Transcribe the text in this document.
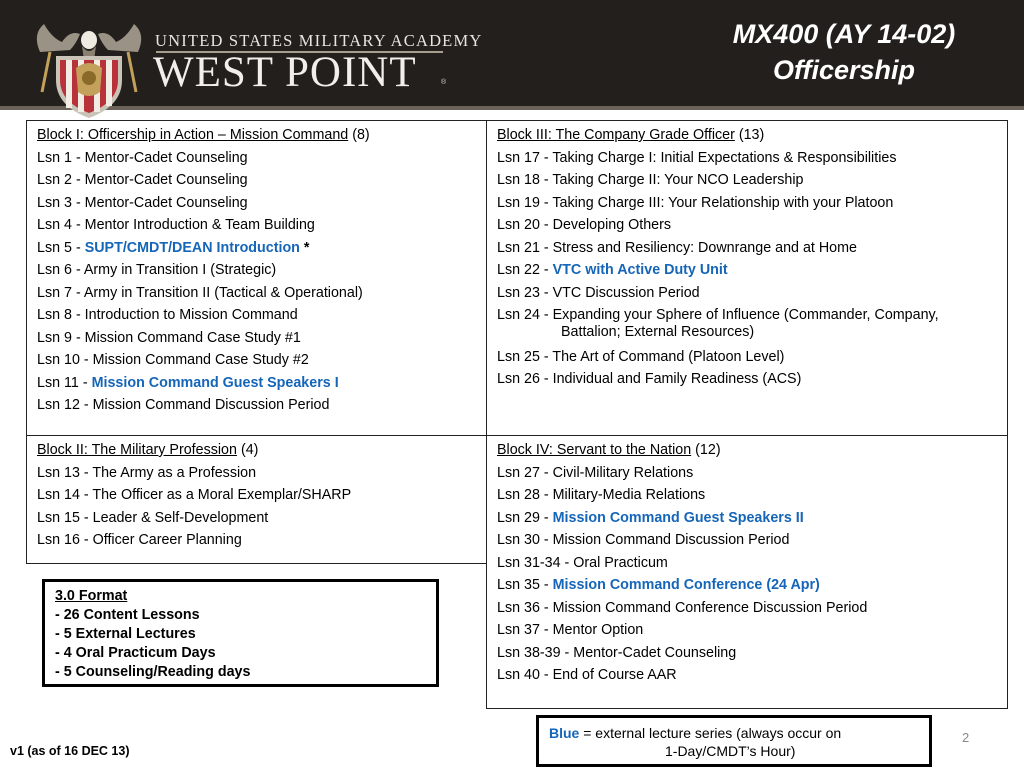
UNITED STATES MILITARY ACADEMY
WEST POINT	®
MX400 (AY 14-02)
Officership
Block I: Officership in Action – Mission Command (8)
Lsn 1 - Mentor-Cadet Counseling
Lsn 2 - Mentor-Cadet Counseling
Lsn 3 - Mentor-Cadet Counseling
Lsn 4 - Mentor Introduction & Team Building
Lsn 5 - SUPT/CMDT/DEAN Introduction *
Lsn 6 - Army in Transition I (Strategic)
Lsn 7 - Army in Transition II (Tactical & Operational)
Lsn 8 - Introduction to Mission Command
Lsn 9 - Mission Command Case Study #1
Lsn 10 - Mission Command Case Study #2
Lsn 11 - Mission Command Guest Speakers I
Lsn 12 - Mission Command Discussion Period
Block III: The Company Grade Officer (13)
Lsn 17 - Taking Charge I: Initial Expectations & Responsibilities
Lsn 18 - Taking Charge II: Your NCO Leadership
Lsn 19 - Taking Charge III: Your Relationship with your Platoon
Lsn 20 - Developing Others
Lsn 21 - Stress and Resiliency: Downrange and at Home
Lsn 22 - VTC with Active Duty Unit
Lsn 23 - VTC Discussion Period
Lsn 24 - Expanding your Sphere of Influence (Commander, Company,
Battalion; External Resources)
Lsn 25 - The Art of Command (Platoon Level)
Lsn 26 - Individual and Family Readiness (ACS)
Block II: The Military Profession (4)
Lsn 13 - The Army as a Profession
Lsn 14 - The Officer as a Moral Exemplar/SHARP
Lsn 15 - Leader & Self-Development
Lsn 16 - Officer Career Planning
Block IV: Servant to the Nation (12)
Lsn 27 - Civil-Military Relations
Lsn 28 - Military-Media Relations
Lsn 29 - Mission Command Guest Speakers II
Lsn 30 - Mission Command Discussion Period
Lsn 31-34 - Oral Practicum
Lsn 35 - Mission Command Conference (24 Apr)
Lsn 36 - Mission Command Conference Discussion Period
Lsn 37 - Mentor Option
Lsn 38-39 - Mentor-Cadet Counseling
Lsn 40 - End of Course AAR
3.0 Format
- 26 Content Lessons
- 5 External Lectures
- 4 Oral Practicum Days
- 5 Counseling/Reading days
Blue = external lecture series (always occur on
1-Day/CMDT’s Hour)
v1 (as of 16 DEC 13)
2
